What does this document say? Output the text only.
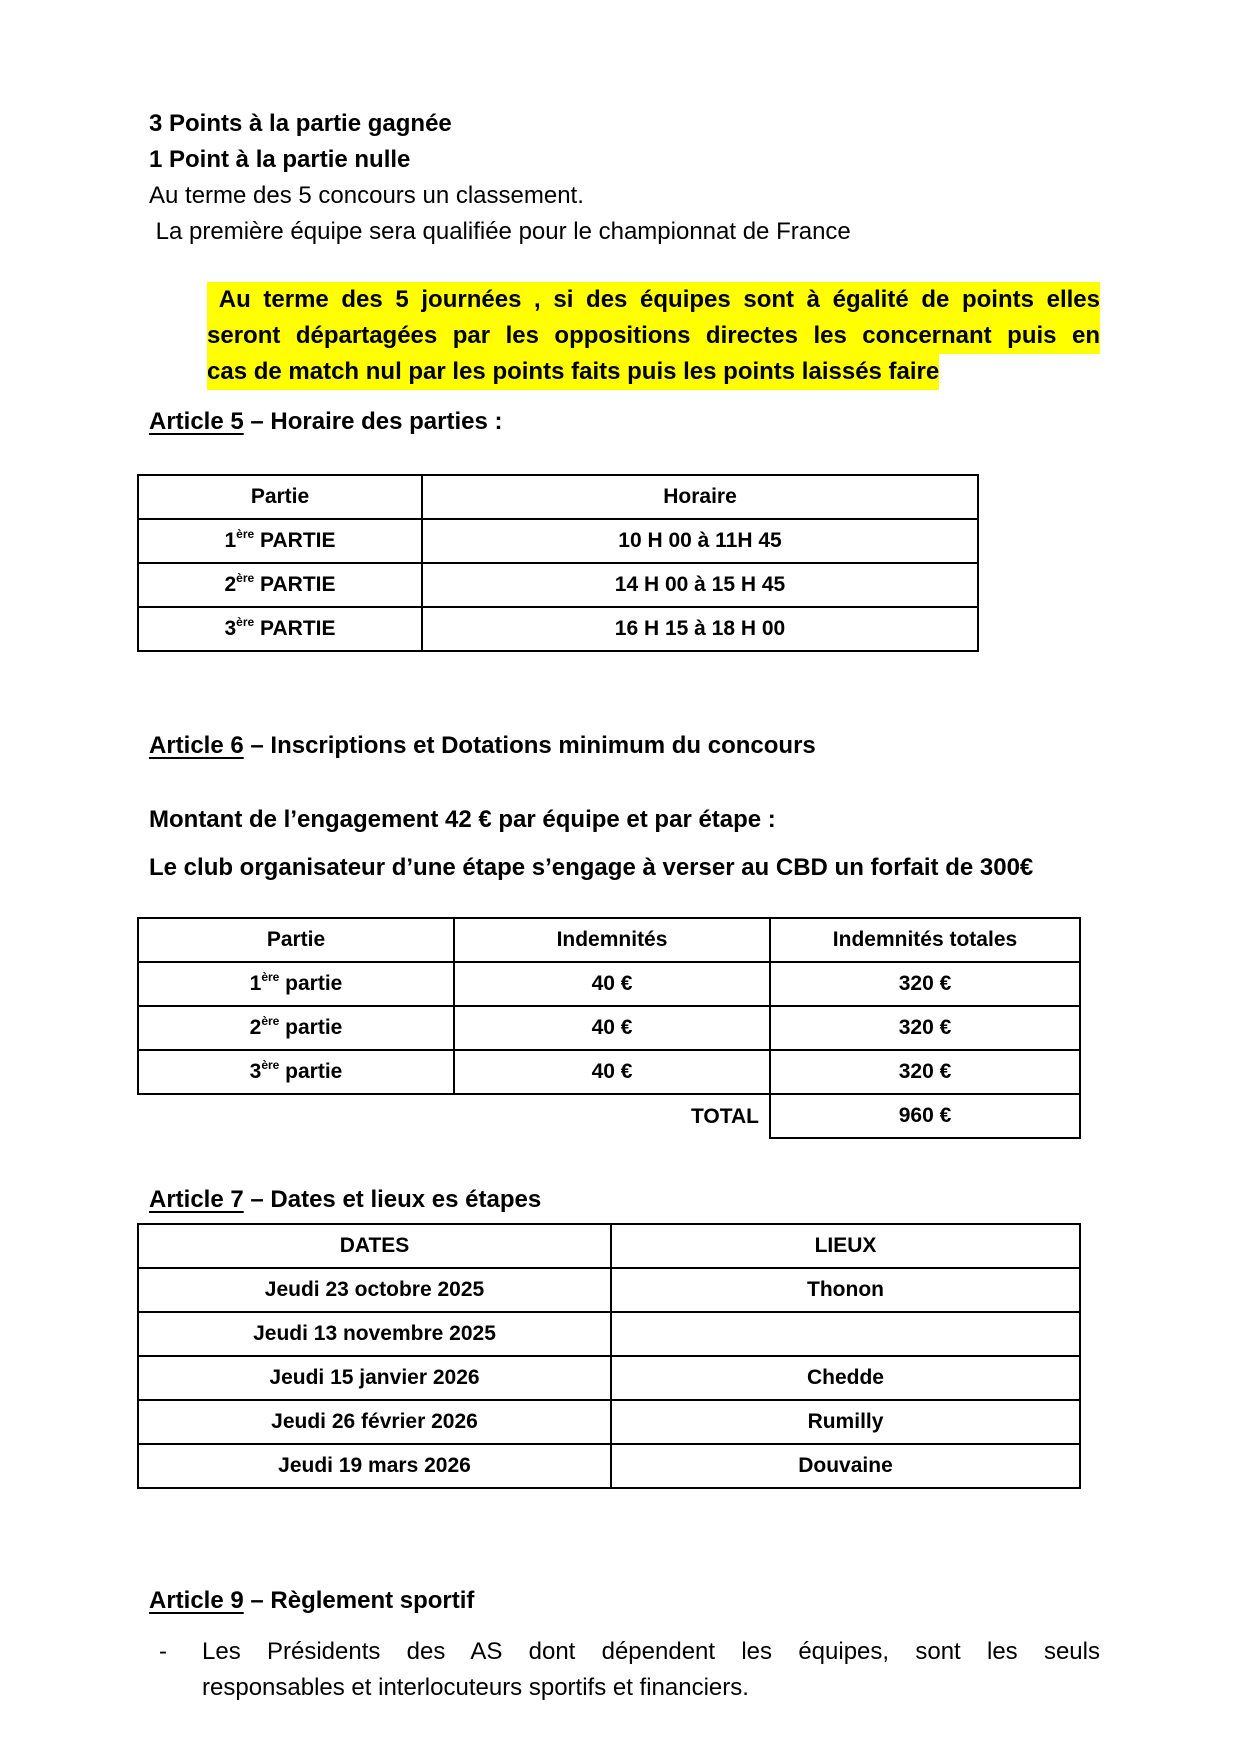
3 Points à la partie gagnée
1 Point à la partie nulle
Au terme des 5 concours un classement.
La première équipe sera qualifiée pour le championnat de France
Au terme des 5 journées , si des équipes sont à égalité de points elles
seront départagées par les oppositions directes les concernant puis en
cas de match nul par les points faits puis les points laissés faire
Article 5 – Horaire des parties :
Partie	Horaire
1ère PARTIE	10 H 00 à 11H 45
2ère PARTIE	14 H 00 à 15 H 45
3ère PARTIE	16 H 15 à 18 H 00
Article 6 – Inscriptions et Dotations minimum du concours
Montant de l’engagement 42 € par équipe et par étape :
Le club organisateur d’une étape s’engage à verser au CBD un forfait de 300€
Partie	Indemnités	Indemnités totales
1ère partie	40 €	320 €
2ère partie	40 €	320 €
3ère partie	40 €	320 €
TOTAL		960 €
Article 7 – Dates et lieux es étapes
DATES	LIEUX
Jeudi 23 octobre 2025	Thonon
Jeudi 13 novembre 2025	
Jeudi 15 janvier 2026	Chedde
Jeudi 26 février 2026	Rumilly
Jeudi 19 mars 2026	Douvaine
Article 9 – Règlement sportif
- Les Présidents des AS dont dépendent les équipes, sont les seuls
responsables et interlocuteurs sportifs et financiers.
